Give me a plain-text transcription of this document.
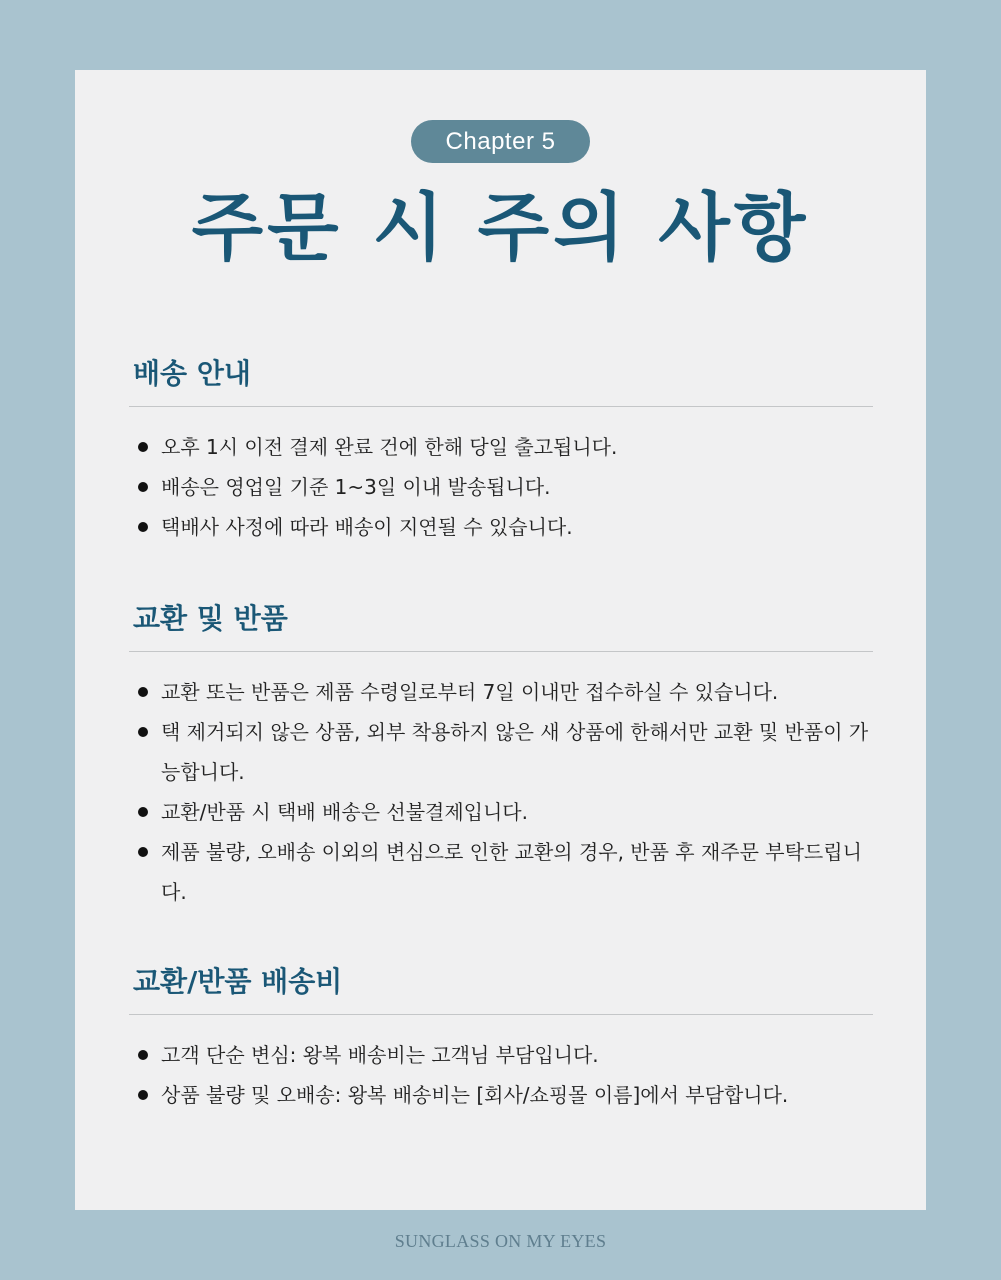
Chapter 5
주문 시 주의 사항
배송 안내
오후 1시 이전 결제 완료 건에 한해 당일 출고됩니다.
배송은 영업일 기준 1~3일 이내 발송됩니다.
택배사 사정에 따라 배송이 지연될 수 있습니다.
교환 및 반품
교환 또는 반품은 제품 수령일로부터 7일 이내만 접수하실 수 있습니다.
택 제거되지 않은 상품, 외부 착용하지 않은 새 상품에 한해서만 교환 및 반품이 가능합니다.
교환/반품 시 택배 배송은 선불결제입니다.
제품 불량, 오배송 이외의 변심으로 인한 교환의 경우, 반품 후 재주문 부탁드립니다.
교환/반품 배송비
고객 단순 변심: 왕복 배송비는 고객님 부담입니다.
상품 불량 및 오배송: 왕복 배송비는 [회사/쇼핑몰 이름]에서 부담합니다.
SUNGLASS ON MY EYES
